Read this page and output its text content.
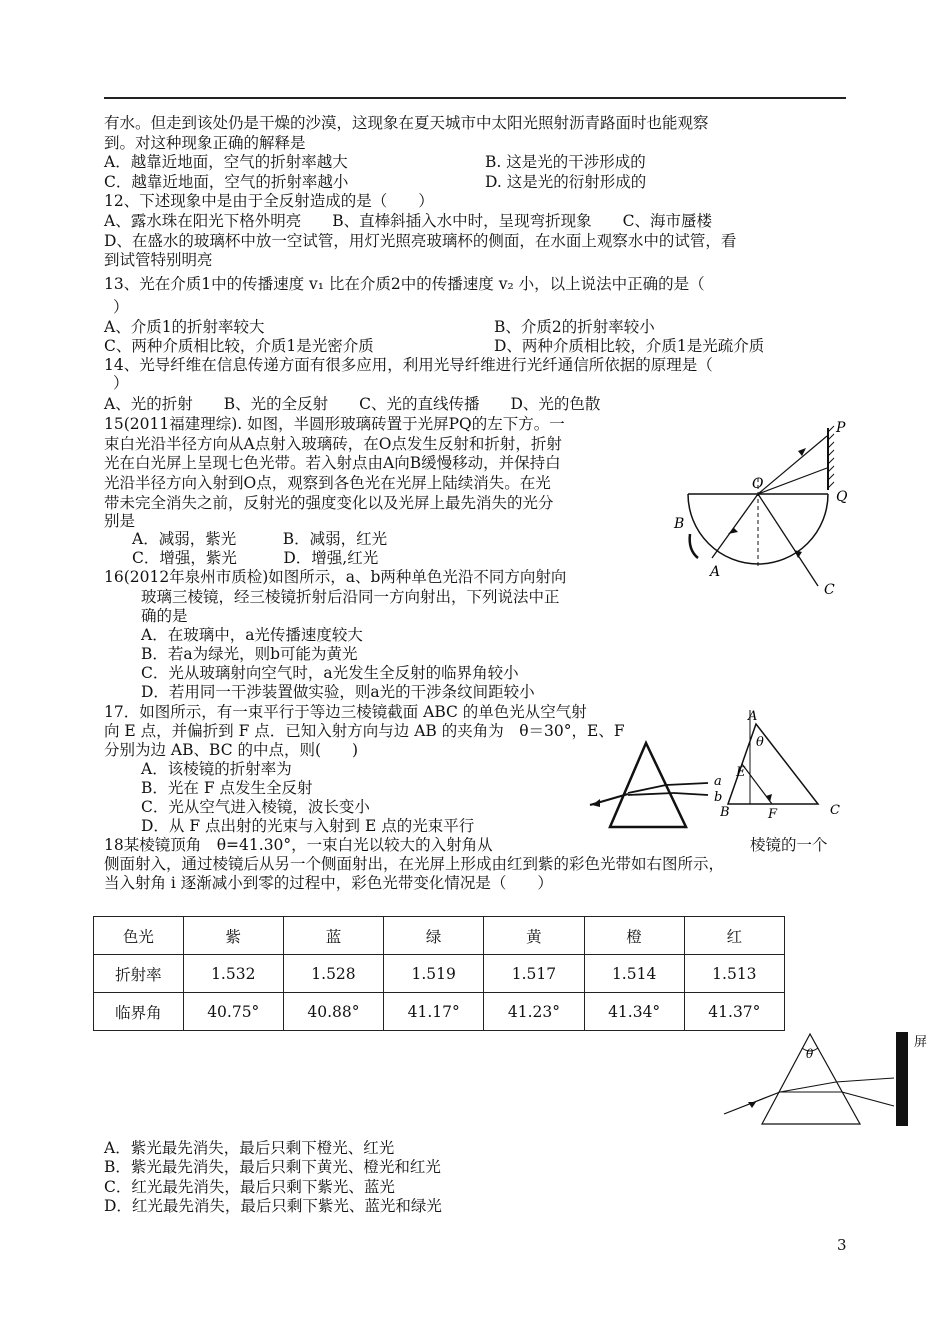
有水。但走到该处仍是干燥的沙漠，这现象在夏天城市中太阳光照射沥青路面时也能观察
到。对这种现象正确的解释是
A．越靠近地面，空气的折射率越大	B. 这是光的干涉形成的
C．越靠近地面，空气的折射率越小	D. 这是光的衍射形成的
12、下述现象中是由于全反射造成的是（　　）
A、露水珠在阳光下格外明亮　　B、直棒斜插入水中时，呈现弯折现象　　C、海市蜃楼
D、在盛水的玻璃杯中放一空试管，用灯光照亮玻璃杯的侧面，在水面上观察水中的试管，看
到试管特别明亮
13、光在介质1中的传播速度 v₁ 比在介质2中的传播速度 v₂ 小，以上说法中正确的是（
）
A、介质1的折射率较大	B、介质2的折射率较小
C、两种介质相比较，介质1是光密介质	D、两种介质相比较，介质1是光疏介质
14、光导纤维在信息传递方面有很多应用，利用光导纤维进行光纤通信所依据的原理是（
）
A、光的折射　　B、光的全反射　　C、光的直线传播　　D、光的色散
15(2011福建理综). 如图，半圆形玻璃砖置于光屏PQ的左下方。一
束白光沿半径方向从A点射入玻璃砖，在O点发生反射和折射，折射
光在白光屏上呈现七色光带。若入射点由A向B缓慢移动，并保持白
光沿半径方向入射到O点，观察到各色光在光屏上陆续消失。在光
带未完全消失之前，反射光的强度变化以及光屏上最先消失的光分
别是
A．减弱，紫光　　　B．减弱，红光
C．增强，紫光　　　D．增强,红光
16(2012年泉州市质检)如图所示，a、b两种单色光沿不同方向射向
玻璃三棱镜，经三棱镜折射后沿同一方向射出，下列说法中正
确的是
A．在玻璃中，a光传播速度较大
B．若a为绿光，则b可能为黄光
C．光从玻璃射向空气时，a光发生全反射的临界角较小
D．若用同一干涉装置做实验，则a光的干涉条纹间距较小
17．如图所示，有一束平行于等边三棱镜截面 ABC 的单色光从空气射
向 E 点，并偏折到 F 点．已知入射方向与边 AB 的夹角为　θ＝30°，E、F
分别为边 AB、BC 的中点，则(　　)
A．该棱镜的折射率为
B．光在 F 点发生全反射
C．光从空气进入棱镜，波长变小
D．从 F 点出射的光束与入射到 E 点的光束平行
18某棱镜顶角　θ=41.30°，一束白光以较大的入射角从	棱镜的一个
侧面射入，通过棱镜后从另一个侧面射出，在光屏上形成由红到紫的彩色光带如右图所示，
当入射角 i 逐渐减小到零的过程中，彩色光带变化情况是（　　）
色光	紫	蓝	绿	黄	橙	红
折射率	1.532	1.528	1.519	1.517	1.514	1.513
临界角	40.75°	40.88°	41.17°	41.23°	41.34°	41.37°
A．紫光最先消失，最后只剩下橙光、红光
B．紫光最先消失，最后只剩下黄光、橙光和红光
C．红光最先消失，最后只剩下紫光、蓝光
D．红光最先消失，最后只剩下紫光、蓝光和绿光
P
Q
O
B
A
C
a
b
A
B	C
E
F
θ
θ
屏
3
